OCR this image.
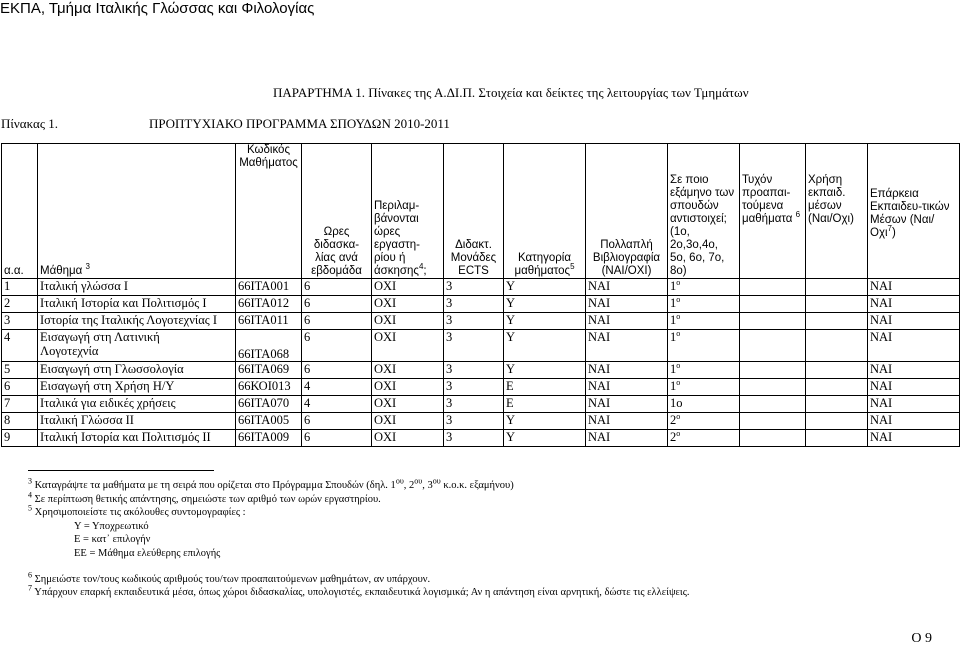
ΕΚΠΑ, Τμήμα Ιταλικής Γλώσσας και Φιλολογίας
ΠΑΡΑΡΤΗΜΑ 1. Πίνακες της Α.ΔΙ.Π. Στοιχεία και δείκτες της λειτουργίας των Τμημάτων
Πίνακας 1.	ΠΡΟΠΤΥΧΙΑΚΟ ΠΡΟΓΡΑΜΜΑ ΣΠΟΥΔΩΝ 2010-2011
α.α.	Μάθημα $^3$	Κωδικός Μαθήματος	Ωρες διδασκα-λίας ανά εβδομάδα	Περιλαμ-βάνονται ώρες εργαστη-ρίου ή άσκησης$^4$;	Διδακτ. Μονάδες ECTS	Κατηγορία μαθήματος$^5$	Πολλαπλή Βιβλιογραφία (ΝΑΙ/ΟΧΙ)	Σε ποιο εξάμηνο των σπουδών αντιστοιχεί; (1ο, 2ο,3ο,4ο, 5ο, 6ο, 7ο, 8ο)	Τυχόν προαπαι-τούμενα μαθήματα $^6$	Χρήση εκπαιδ. μέσων (Ναι/Οχι)	Επάρκεια Εκπαιδευ-τικών Μέσων (Ναι/Οχι$^7$)
1	Ιταλική γλώσσα Ι	66ΙΤΑ001	6	ΟΧΙ	3	Υ	ΝΑΙ	$1^o$			ΝΑΙ
2	Ιταλική Ιστορία και Πολιτισμός Ι	66ΙΤΑ012	6	ΟΧΙ	3	Υ	ΝΑΙ	$1^o$			ΝΑΙ
3	Ιστορία της Ιταλικής Λογοτεχνίας Ι	66ΙΤΑ011	6	ΟΧΙ	3	Υ	ΝΑΙ	$1^o$			ΝΑΙ
4	Εισαγωγή στη Λατινική Λογοτεχνία	66ΙΤΑ068	6	ΟΧΙ	3	Υ	ΝΑΙ	$1^o$			ΝΑΙ
5	Εισαγωγή στη Γλωσσολογία	66ΙΤΑ069	6	ΟΧΙ	3	Υ	ΝΑΙ	$1^o$			ΝΑΙ
6	Εισαγωγή στη Χρήση Η/Υ	66ΚΟΙ013	4	ΟΧΙ	3	Ε	ΝΑΙ	$1^o$			ΝΑΙ
7	Ιταλικά για ειδικές χρήσεις	66ΙΤΑ070	4	ΟΧΙ	3	Ε	ΝΑΙ	1ο			ΝΑΙ
8	Ιταλική Γλώσσα ΙΙ	66ΙΤΑ005	6	ΟΧΙ	3	Υ	ΝΑΙ	$2^o$			ΝΑΙ
9	Ιταλική Ιστορία και Πολιτισμός ΙΙ	66ΙΤΑ009	6	ΟΧΙ	3	Υ	ΝΑΙ	$2^o$			ΝΑΙ
$^3$ Καταγράψτε τα μαθήματα με τη σειρά που ορίζεται στο Πρόγραμμα Σπουδών (δηλ. $1^{o\upsilon}$, $2^{o\upsilon}$, $3^{o\upsilon}$ κ.ο.κ. εξαμήνου)
$^4$ Σε περίπτωση θετικής απάντησης, σημειώστε των αριθμό των ωρών εργαστηρίου.
$^5$ Χρησιμοποιείστε τις ακόλουθες συντομογραφίες :
Υ = Υποχρεωτικό
Ε = κατ᾽ επιλογήν
ΕΕ = Μάθημα ελεύθερης επιλογής
$^6$ Σημειώστε τον/τους κωδικούς αριθμούς του/των προαπαιτούμενων μαθημάτων, αν υπάρχουν.
$^7$ Υπάρχουν επαρκή εκπαιδευτικά μέσα, όπως χώροι διδασκαλίας, υπολογιστές, εκπαιδευτικά λογισμικά; Αν η απάντηση είναι αρνητική, δώστε τις ελλείψεις.
Ο 9
